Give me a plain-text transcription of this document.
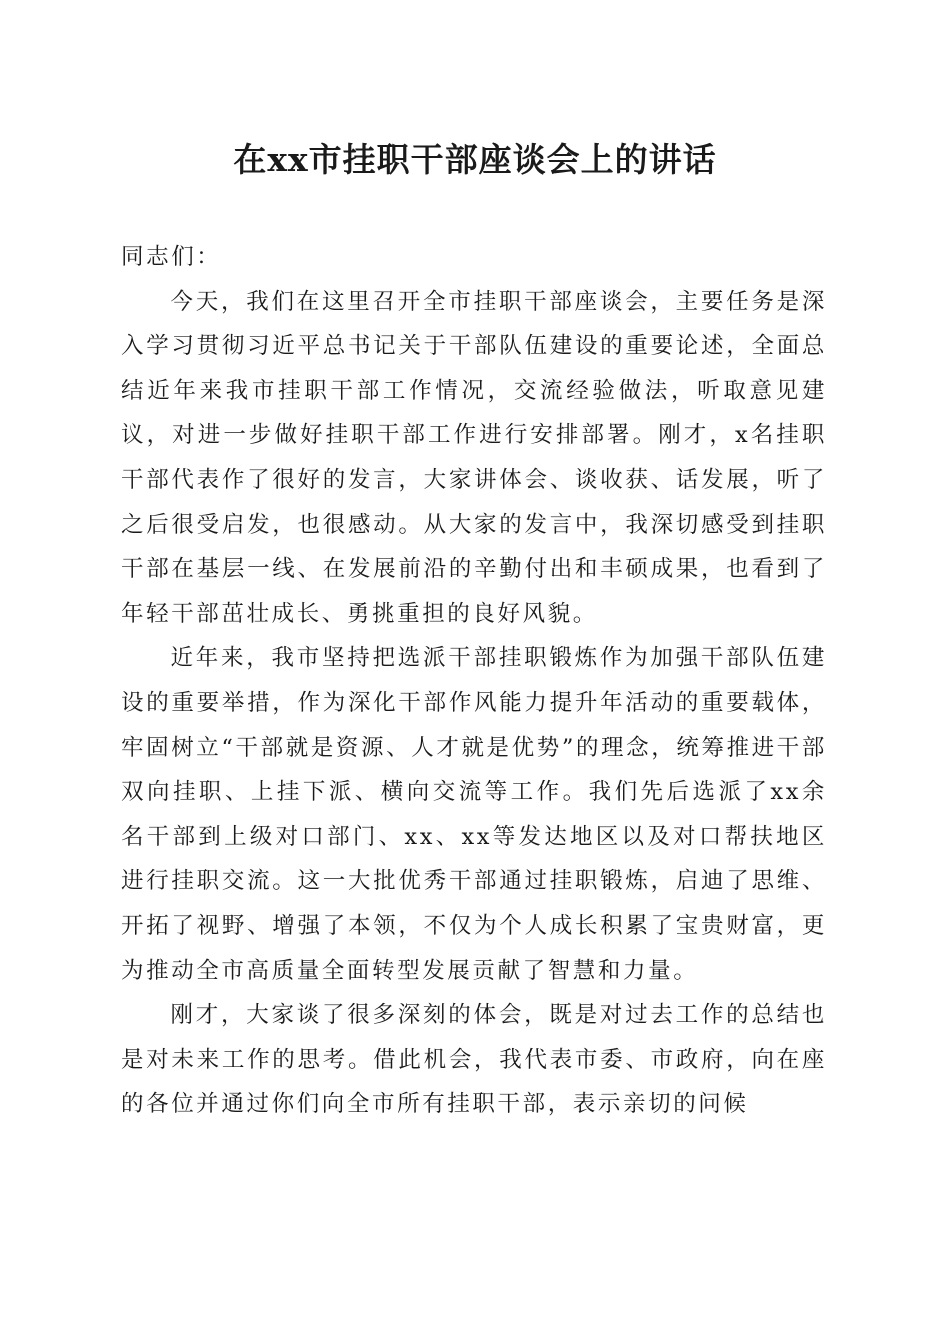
在xx市挂职干部座谈会上的讲话

同志们：

今天，我们在这里召开全市挂职干部座谈会，主要任务是深入学习贯彻习近平总书记关于干部队伍建设的重要论述，全面总结近年来我市挂职干部工作情况，交流经验做法，听取意见建议，对进一步做好挂职干部工作进行安排部署。刚才，x名挂职干部代表作了很好的发言，大家讲体会、谈收获、话发展，听了之后很受启发，也很感动。从大家的发言中，我深切感受到挂职干部在基层一线、在发展前沿的辛勤付出和丰硕成果，也看到了年轻干部茁壮成长、勇挑重担的良好风貌。

近年来，我市坚持把选派干部挂职锻炼作为加强干部队伍建设的重要举措，作为深化干部作风能力提升年活动的重要载体，牢固树立“干部就是资源、人才就是优势”的理念，统筹推进干部双向挂职、上挂下派、横向交流等工作。我们先后选派了xx余名干部到上级对口部门、xx、xx等发达地区以及对口帮扶地区进行挂职交流。这一大批优秀干部通过挂职锻炼，启迪了思维、开拓了视野、增强了本领，不仅为个人成长积累了宝贵财富，更为推动全市高质量全面转型发展贡献了智慧和力量。

刚才，大家谈了很多深刻的体会，既是对过去工作的总结也是对未来工作的思考。借此机会，我代表市委、市政府，向在座的各位并通过你们向全市所有挂职干部，表示亲切的问候
